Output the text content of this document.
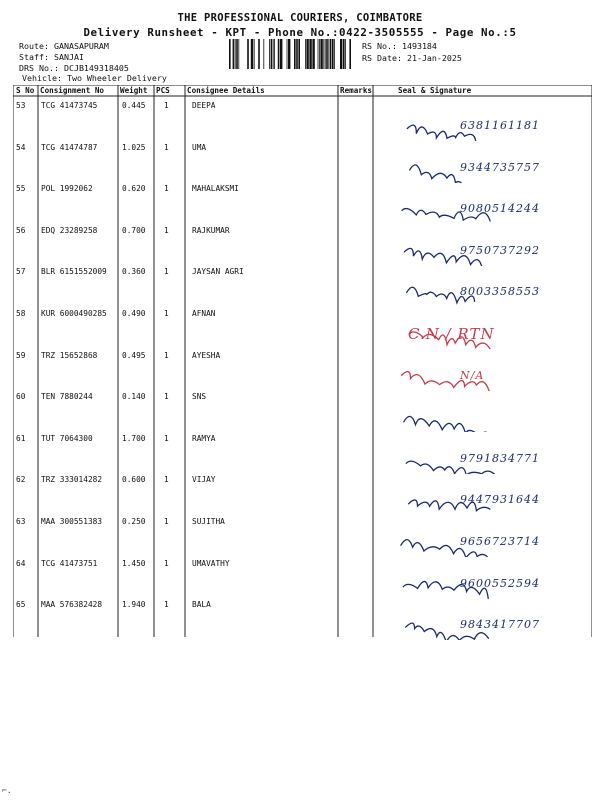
THE PROFESSIONAL COURIERS, COIMBATORE
Delivery Runsheet - KPT - Phone No.:0422-3505555 - Page No.:5
Route: GANASAPURAM
Staff: SANJAI
DRS No.: DCJB149318405
Vehicle: Two Wheeler Delivery
RS No.: 1493184
RS Date: 21-Jan-2025
S No Consignment No Weight PCS Consignee Details	Remarks	Seal & Signature
53 TCG 41473745	0.445 1	DEEPA
6381161181
54 TCG 41474787	1.025 1	UMA
9344735757
55 POL 1992062	0.620 1	MAHALAKSMI
9080514244
56 EDQ 23289258	0.700 1	RAJKUMAR
9750737292
57 BLR 6151552009 0.360 1	JAYSAN AGRI
8003358553
58 KUR 6000490285 0.490 1	AFNAN
C.N / RTN
59 TRZ 15652868	0.495 1	AYESHA
N/A
60 TEN 7880244	0.140 1	SNS
61 TUT 7064300	1.700 1	RAMYA
9791834771
62 TRZ 333014282	0.600 1	VIJAY
9447931644
63 MAA 300551383	0.250 1	SUJITHA
9656723714
64 TCG 41473751	1.450 1	UMAVATHY
9600552594
65 MAA 576382428	1.940 1	BALA
9843417707
⌐.
